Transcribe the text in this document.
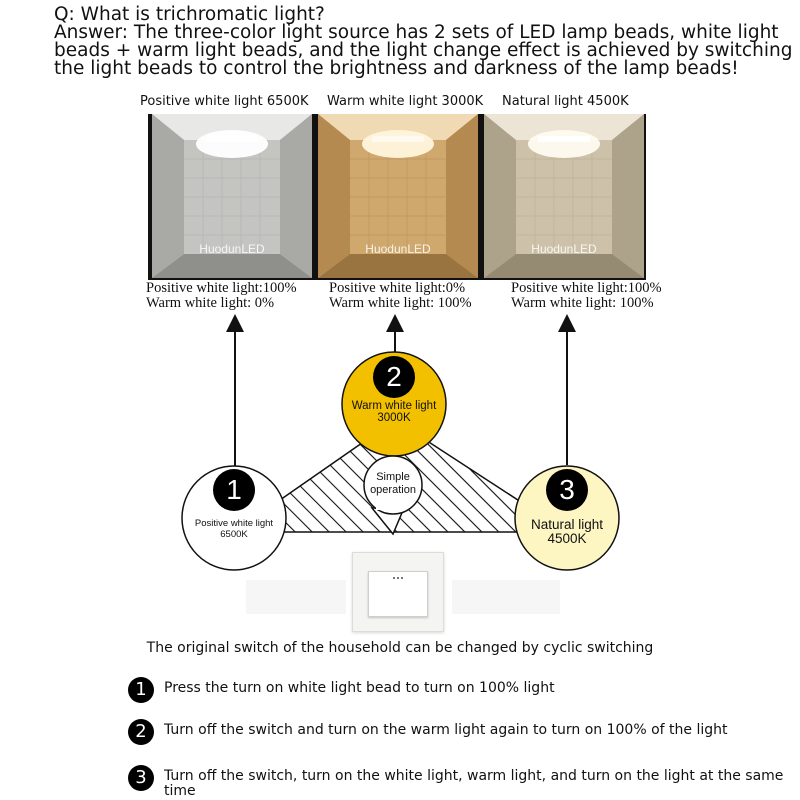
Q: What is trichromatic light?
Answer: The three-color light source has 2 sets of LED lamp beads, white light
beads + warm light beads, and the light change effect is achieved by switching
the light beads to control the brightness and darkness of the lamp beads!
Positive white light 6500K Warm white light 3000K Natural light 4500K
HuodunLED	HuodunLED	HuodunLED
Positive white light:100%
Warm white light: 0%
Positive white light:0%
Warm white light: 100%
Positive white light:100%
Warm white light: 100%
2
Warm white light
3000K
1
Positive white light
6500K
3
Natural light
4500K
Simple
operation
The original switch of the household can be changed by cyclic switching
1	Press the turn on white light bead to turn on 100% light
2	Turn off the switch and turn on the warm light again to turn on 100% of the light
3	Turn off the switch, turn on the white light, warm light, and turn on the light at the same
time
